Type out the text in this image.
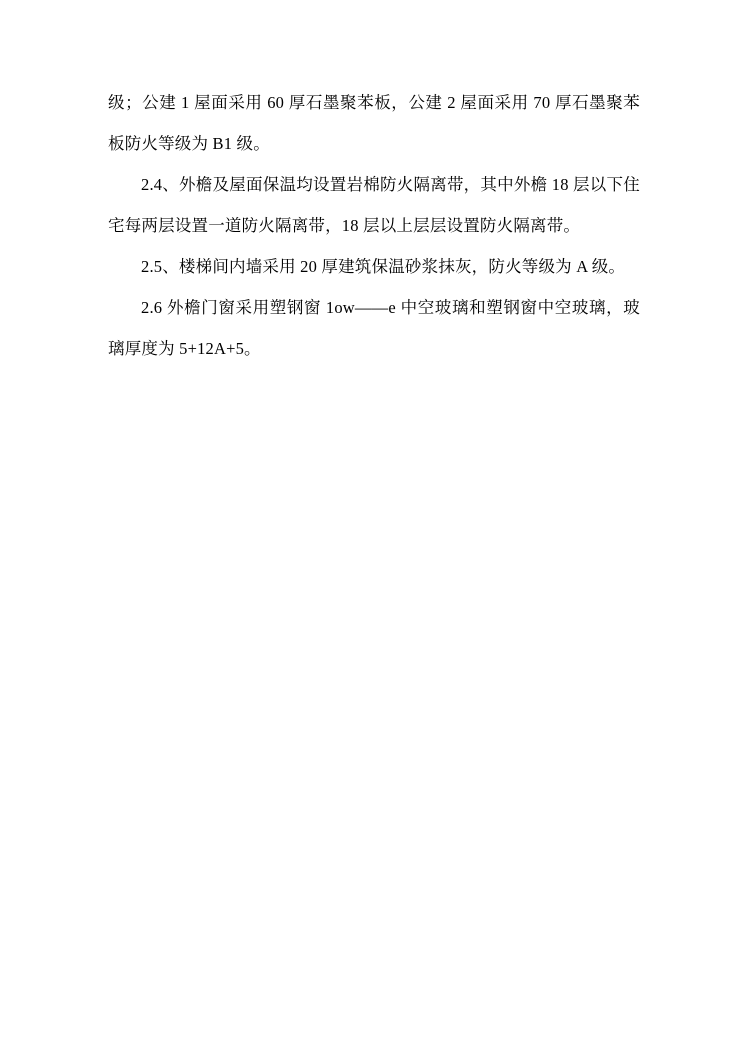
级；公建 1 屋面采用 60 厚石墨聚苯板，公建 2 屋面采用 70 厚石墨聚苯板防火等级为 B1 级。

2.4、外檐及屋面保温均设置岩棉防火隔离带，其中外檐 18 层以下住宅每两层设置一道防火隔离带，18 层以上层层设置防火隔离带。

2.5、楼梯间内墙采用 20 厚建筑保温砂浆抹灰，防火等级为 A 级。

2.6 外檐门窗采用塑钢窗 1ow——e 中空玻璃和塑钢窗中空玻璃，玻璃厚度为 5+12A+5。
